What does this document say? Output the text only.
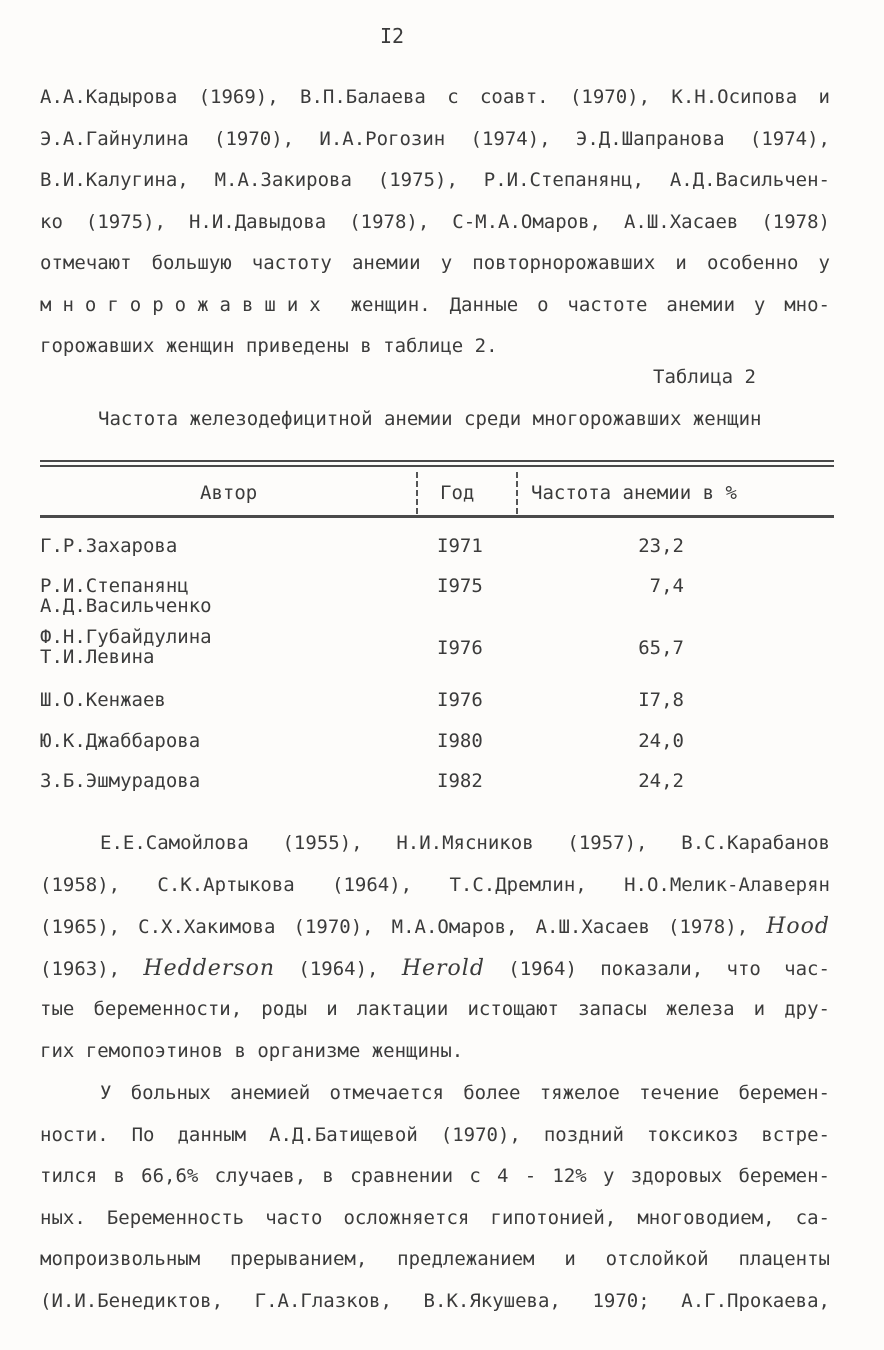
I2
А.А.Кадырова (1969), В.П.Балаева с соавт. (1970), К.Н.Осипова и
Э.А.Гайнулина (1970), И.А.Рогозин (1974), Э.Д.Шапранова (1974),
В.И.Калугина, М.А.Закирова (1975), Р.И.Степанянц, А.Д.Васильчен-
ко (1975), Н.И.Давыдова (1978), С-М.А.Омаров, А.Ш.Хасаев (1978)
отмечают большую частоту анемии у повторнорожавших и особенно у
многорожавших женщин. Данные о частоте анемии у мно-
горожавших женщин приведены в таблице 2.
Таблица 2
Частота железодефицитной анемии среди многорожавших женщин
Автор	Год	Частота анемии в %
Г.Р.Захарова	I971	23,2
Р.И.Степанянц
А.Д.Васильченко
I975	7,4
Ф.Н.Губайдулина
Т.И.Левина	I976	65,7
Ш.О.Кенжаев	I976	I7,8
Ю.К.Джаббарова	I980	24,0
З.Б.Эшмурадова	I982	24,2
Е.Е.Самойлова (1955), Н.И.Мясников (1957), В.С.Карабанов
(1958), С.К.Артыкова (1964), Т.С.Дремлин, Н.О.Мелик-Алаверян
(1965), С.Х.Хакимова (1970), М.А.Омаров, А.Ш.Хасаев (1978), Hood
(1963), Hedderson (1964), Herold (1964) показали, что час-
тые беременности, роды и лактации истощают запасы железа и дру-
гих гемопоэтинов в организме женщины.
У больных анемией отмечается более тяжелое течение беремен-
ности. По данным А.Д.Батищевой (1970), поздний токсикоз встре-
тился в 66,6% случаев, в сравнении с 4 - 12% у здоровых беремен-
ных. Беременность часто осложняется гипотонией, многоводием, са-
мопроизвольным прерыванием, предлежанием и отслойкой плаценты
(И.И.Бенедиктов, Г.А.Глазков, В.К.Якушева, 1970; А.Г.Прокаева,
